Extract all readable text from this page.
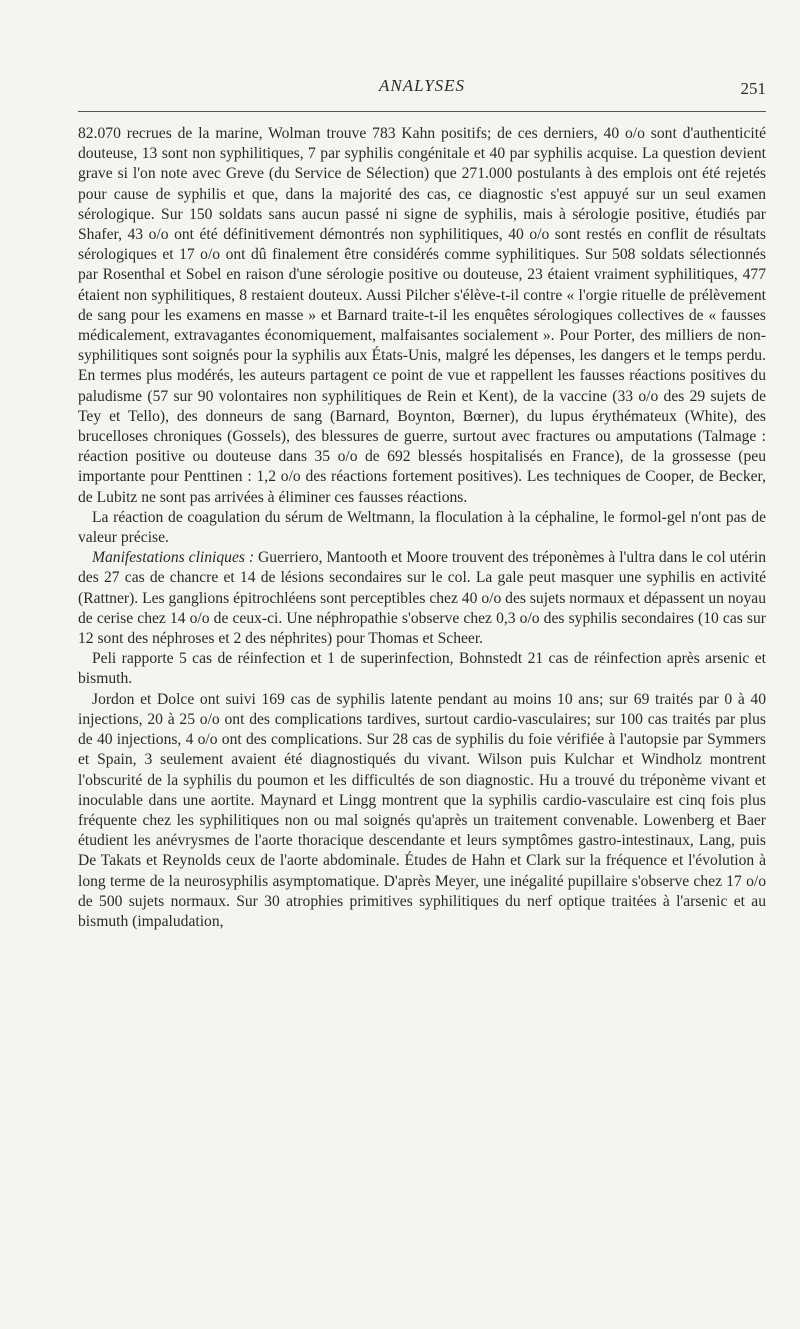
ANALYSES	251

82.070 recrues de la marine, Wolman trouve 783 Kahn positifs; de ces derniers, 40 o/o sont d'authenticité douteuse, 13 sont non syphilitiques, 7 par syphilis congénitale et 40 par syphilis acquise. La question devient grave si l'on note avec Greve (du Service de Sélection) que 271.000 postulants à des emplois ont été rejetés pour cause de syphilis et que, dans la majorité des cas, ce diagnostic s'est appuyé sur un seul examen sérologique. Sur 150 soldats sans aucun passé ni signe de syphilis, mais à sérologie positive, étudiés par Shafer, 43 o/o ont été définitivement démontrés non syphilitiques, 40 o/o sont restés en conflit de résultats sérologiques et 17 o/o ont dû finalement être considérés comme syphilitiques. Sur 508 soldats sélectionnés par Rosenthal et Sobel en raison d'une sérologie positive ou douteuse, 23 étaient vraiment syphilitiques, 477 étaient non syphilitiques, 8 restaient douteux. Aussi Pilcher s'élève-t-il contre « l'orgie rituelle de prélèvement de sang pour les examens en masse » et Barnard traite-t-il les enquêtes sérologiques collectives de « fausses médicalement, extravagantes économiquement, malfaisantes socialement ». Pour Porter, des milliers de non-syphilitiques sont soignés pour la syphilis aux États-Unis, malgré les dépenses, les dangers et le temps perdu. En termes plus modérés, les auteurs partagent ce point de vue et rappellent les fausses réactions positives du paludisme (57 sur 90 volontaires non syphilitiques de Rein et Kent), de la vaccine (33 o/o des 29 sujets de Tey et Tello), des donneurs de sang (Barnard, Boynton, Bœrner), du lupus érythémateux (White), des brucelloses chroniques (Gossels), des blessures de guerre, surtout avec fractures ou amputations (Talmage : réaction positive ou douteuse dans 35 o/o de 692 blessés hospitalisés en France), de la grossesse (peu importante pour Penttinen : 1,2 o/o des réactions fortement positives). Les techniques de Cooper, de Becker, de Lubitz ne sont pas arrivées à éliminer ces fausses réactions.

La réaction de coagulation du sérum de Weltmann, la floculation à la céphaline, le formol-gel n'ont pas de valeur précise.

Manifestations cliniques : Guerriero, Mantooth et Moore trouvent des tréponèmes à l'ultra dans le col utérin des 27 cas de chancre et 14 de lésions secondaires sur le col. La gale peut masquer une syphilis en activité (Rattner). Les ganglions épitrochléens sont perceptibles chez 40 o/o des sujets normaux et dépassent un noyau de cerise chez 14 o/o de ceux-ci. Une néphropathie s'observe chez 0,3 o/o des syphilis secondaires (10 cas sur 12 sont des néphroses et 2 des néphrites) pour Thomas et Scheer.

Peli rapporte 5 cas de réinfection et 1 de superinfection, Bohnstedt 21 cas de réinfection après arsenic et bismuth.

Jordon et Dolce ont suivi 169 cas de syphilis latente pendant au moins 10 ans; sur 69 traités par 0 à 40 injections, 20 à 25 o/o ont des complications tardives, surtout cardio-vasculaires; sur 100 cas traités par plus de 40 injections, 4 o/o ont des complications. Sur 28 cas de syphilis du foie vérifiée à l'autopsie par Symmers et Spain, 3 seulement avaient été diagnostiqués du vivant. Wilson puis Kulchar et Windholz montrent l'obscurité de la syphilis du poumon et les difficultés de son diagnostic. Hu a trouvé du tréponème vivant et inoculable dans une aortite. Maynard et Lingg montrent que la syphilis cardio-vasculaire est cinq fois plus fréquente chez les syphilitiques non ou mal soignés qu'après un traitement convenable. Lowenberg et Baer étudient les anévrysmes de l'aorte thoracique descendante et leurs symptômes gastro-intestinaux, Lang, puis De Takats et Reynolds ceux de l'aorte abdominale. Études de Hahn et Clark sur la fréquence et l'évolution à long terme de la neurosyphilis asymptomatique. D'après Meyer, une inégalité pupillaire s'observe chez 17 o/o de 500 sujets normaux. Sur 30 atrophies primitives syphilitiques du nerf optique traitées à l'arsenic et au bismuth (impaludation,
